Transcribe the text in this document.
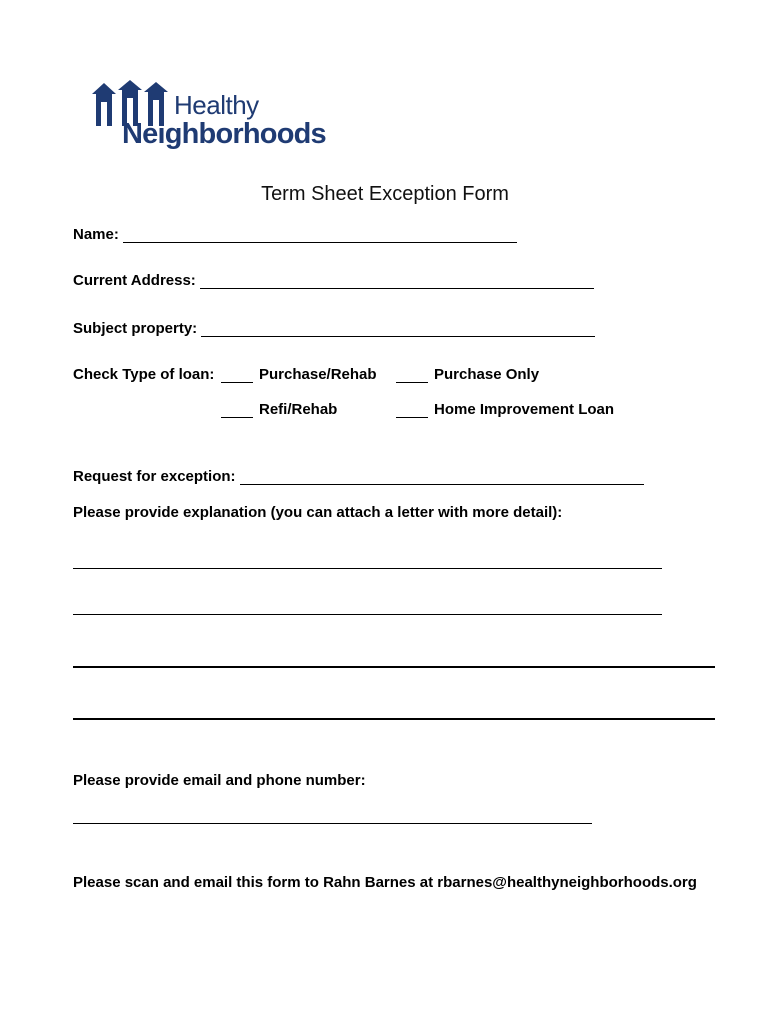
Healthy
Neighborhoods
Term Sheet Exception Form
Name:
Current Address:
Subject property:
Check Type of loan:	Purchase/Rehab	Purchase Only
Refi/Rehab	Home Improvement Loan
Request for exception:
Please provide explanation (you can attach a letter with more detail):
Please provide email and phone number:
Please scan and email this form to Rahn Barnes at rbarnes@healthyneighborhoods.org
